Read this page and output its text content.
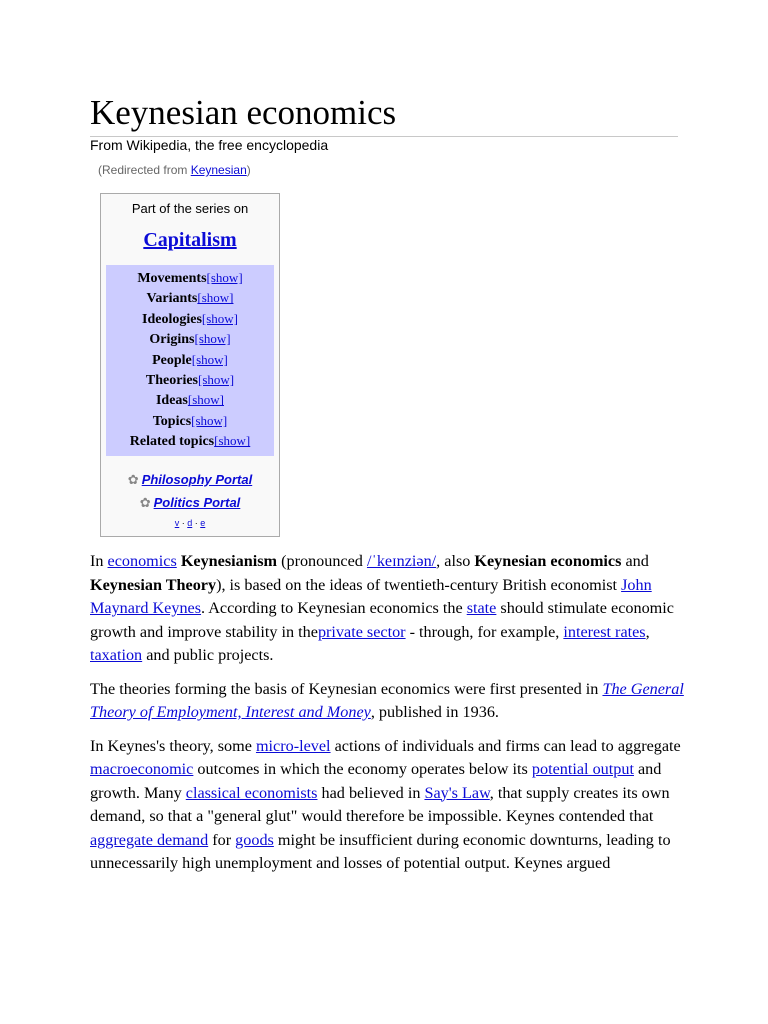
Keynesian economics
From Wikipedia, the free encyclopedia
(Redirected from Keynesian)
Part of the series on
Capitalism
Movements[show]
Variants[show]
Ideologies[show]
Origins[show]
People[show]
Theories[show]
Ideas[show]
Topics[show]
Related topics[show]
✿ Philosophy Portal
✿ Politics Portal
v · d · e

In economics Keynesianism (pronounced /ˈkeɪnziən/, also Keynesian economics and Keynesian Theory), is based on the ideas of twentieth-century British economist John Maynard Keynes. According to Keynesian economics the state should stimulate economic growth and improve stability in theprivate sector - through, for example, interest rates, taxation and public projects.

The theories forming the basis of Keynesian economics were first presented in The General Theory of Employment, Interest and Money, published in 1936.

In Keynes's theory, some micro-level actions of individuals and firms can lead to aggregate macroeconomic outcomes in which the economy operates below its potential output and growth. Many classical economists had believed in Say's Law, that supply creates its own demand, so that a "general glut" would therefore be impossible. Keynes contended that aggregate demand for goods might be insufficient during economic downturns, leading to unnecessarily high unemployment and losses of potential output. Keynes argued
